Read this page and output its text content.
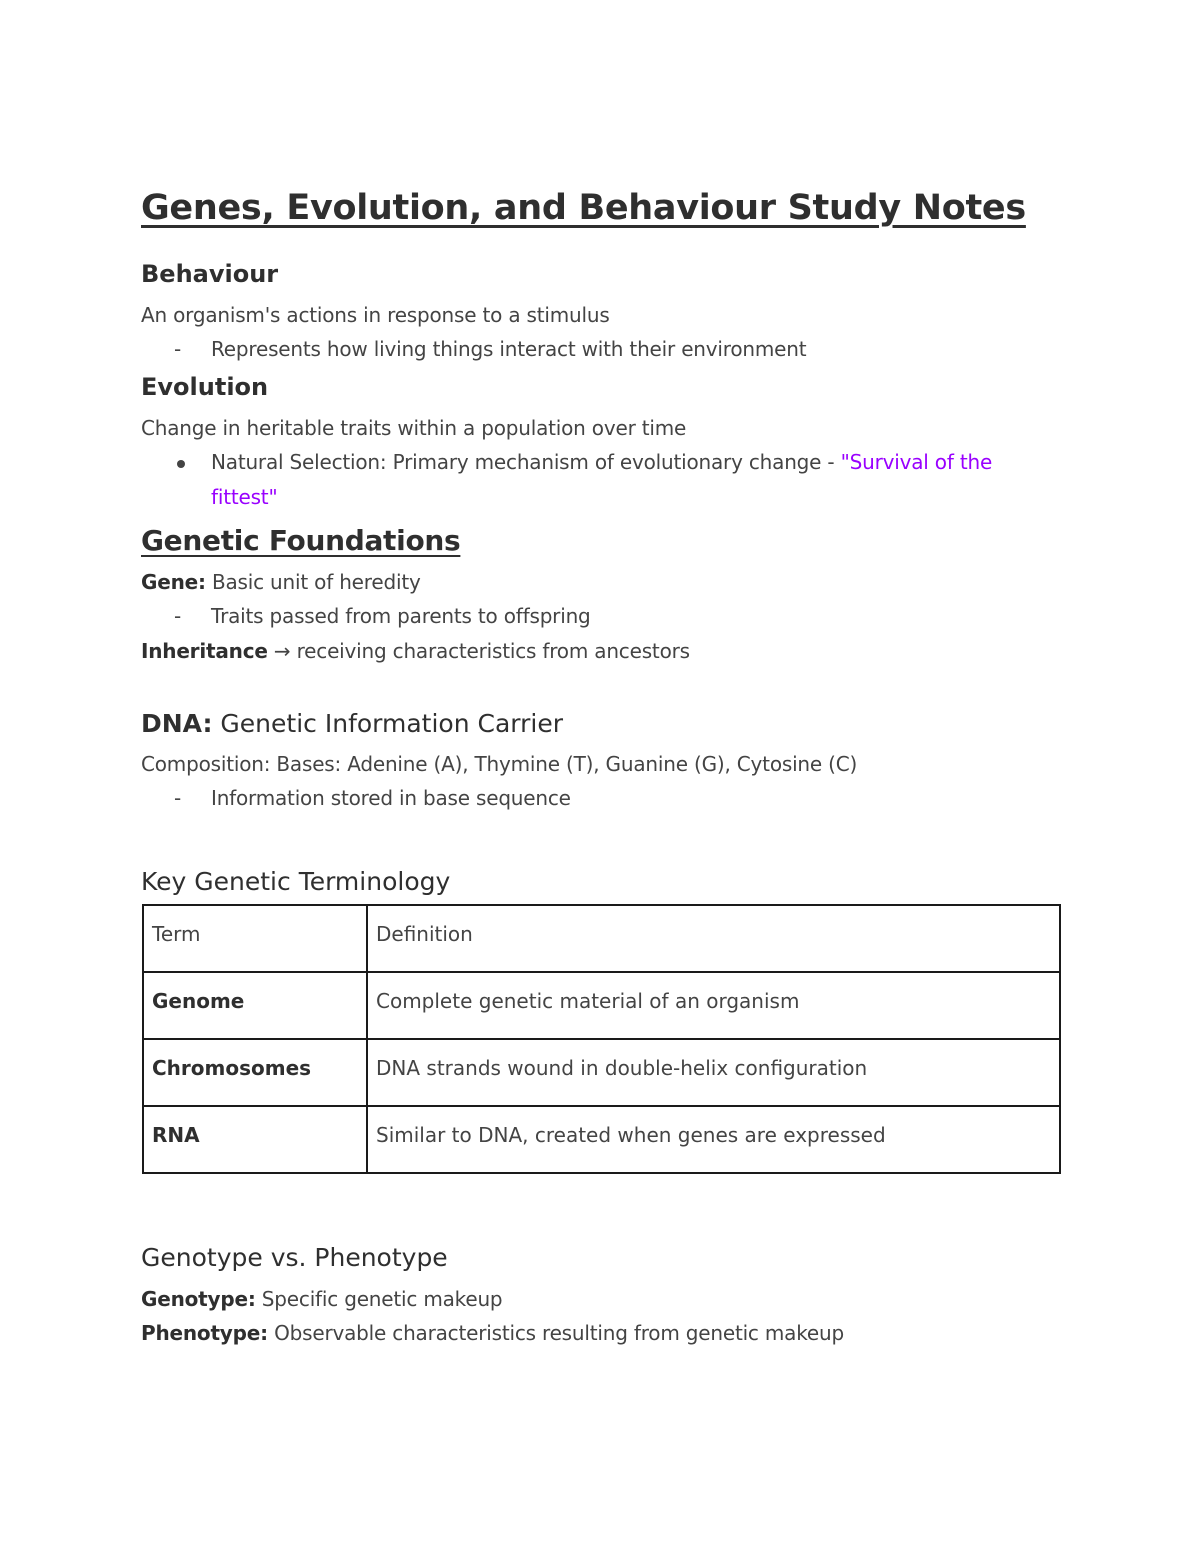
Genes, Evolution, and Behaviour Study Notes
Behaviour
An organism's actions in response to a stimulus
- Represents how living things interact with their environment
Evolution
Change in heritable traits within a population over time
Natural Selection: Primary mechanism of evolutionary change - "Survival of the
fittest"
Genetic Foundations
Gene: Basic unit of heredity
- Traits passed from parents to offspring
Inheritance → receiving characteristics from ancestors
DNA: Genetic Information Carrier
Composition: Bases: Adenine (A), Thymine (T), Guanine (G), Cytosine (C)
- Information stored in base sequence
Key Genetic Terminology
Term	Definition
Genome	Complete genetic material of an organism
Chromosomes	DNA strands wound in double-helix configuration
RNA	Similar to DNA, created when genes are expressed
Genotype vs. Phenotype
Genotype: Specific genetic makeup
Phenotype: Observable characteristics resulting from genetic makeup
